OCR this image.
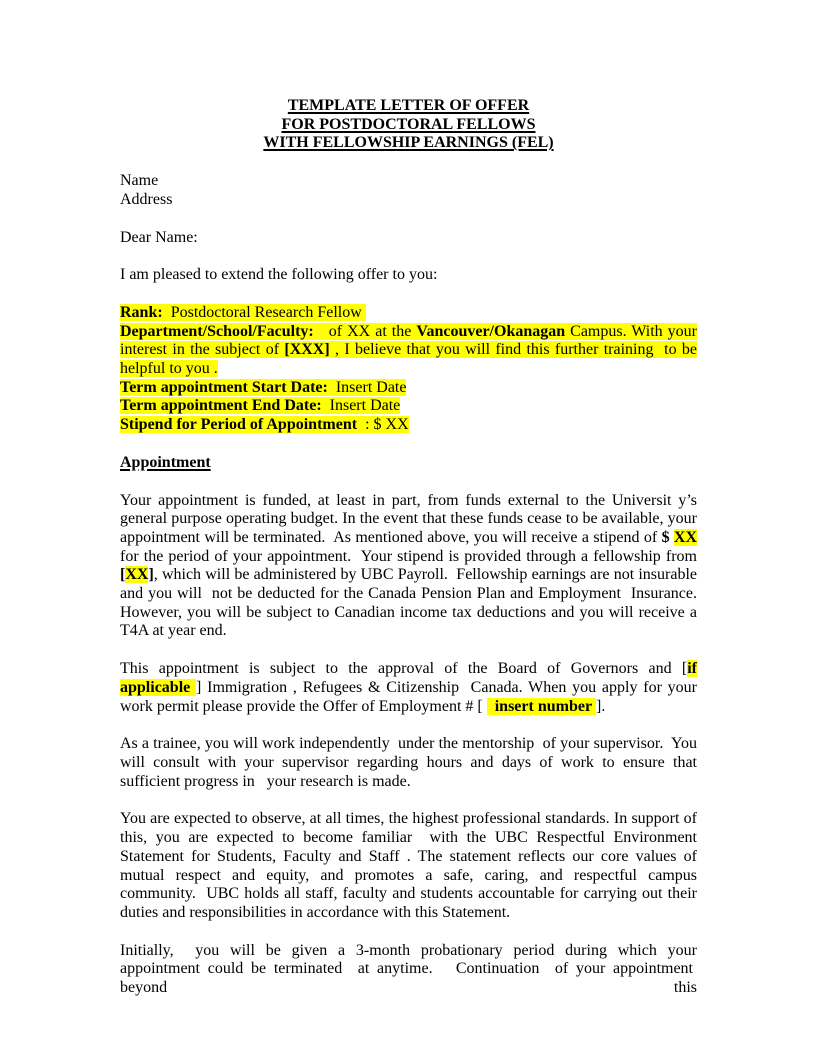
TEMPLATE LETTER OF OFFER
FOR POSTDOCTORAL FELLOWS
WITH FELLOWSHIP EARNINGS (FEL)
Name
Address
Dear Name:
I am pleased to extend the following offer to you:
Rank:  Postdoctoral Research Fellow
Department/School/Faculty:   of XX at the Vancouver/Okanagan Campus. With your interest in the subject of [XXX] , I believe that you will find this further training  to be helpful to you .
Term appointment Start Date:  Insert Date
Term appointment End Date:  Insert Date
Stipend for Period of Appointment  : $ XX
Appointment
Your appointment is funded, at least in part, from funds external to the Universit y’s general purpose operating budget. In the event that these funds cease to be available, your appointment will be terminated.  As mentioned above, you will receive a stipend of $ XX for the period of your appointment.  Your stipend is provided through a fellowship from [XX], which will be administered by UBC Payroll.  Fellowship earnings are not insurable and you will  not be deducted for the Canada Pension Plan and Employment  Insurance. However, you will be subject to Canadian income tax deductions and you will receive a T4A at year end.
This appointment is subject to the approval of the Board of Governors and [if applicable ] Immigration , Refugees & Citizenship  Canada. When you apply for your work permit please provide the Offer of Employment # [   insert number ].
As a trainee, you will work independently  under the mentorship  of your supervisor.  You will consult with your supervisor regarding hours and days of work to ensure that sufficient progress in   your research is made.
You are expected to observe, at all times, the highest professional standards. In support of this, you are expected to become familiar  with the UBC Respectful Environment Statement for Students, Faculty and Staff . The statement reflects our core values of mutual respect and equity, and promotes a safe, caring, and respectful campus community.  UBC holds all staff, faculty and students accountable for carrying out their duties and responsibilities in accordance with this Statement.
Initially,  you will be given a 3-month probationary period during which your appointment could be terminated  at anytime.   Continuation  of your appointment  beyond this
